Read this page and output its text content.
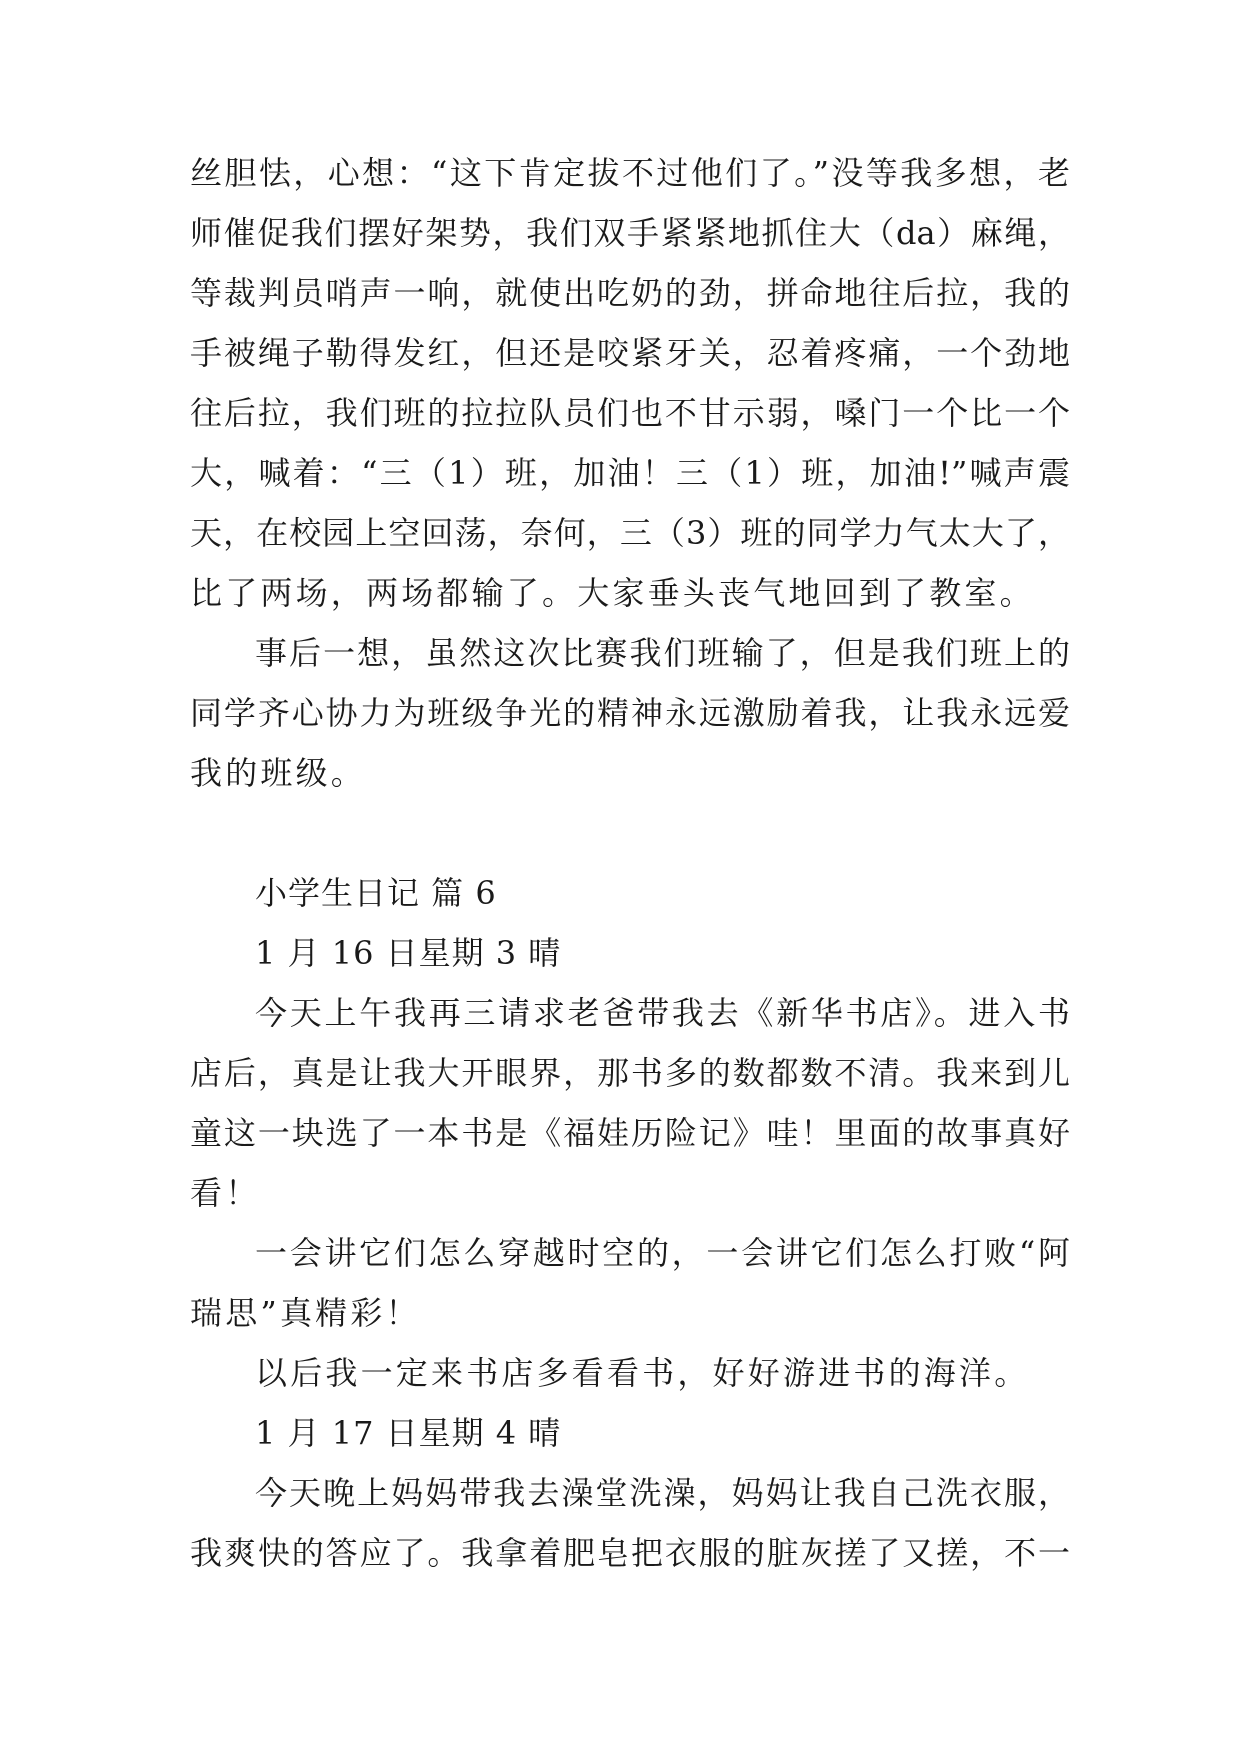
丝胆怯，心想：“这下肯定拔不过他们了。”没等我多想，老
师催促我们摆好架势，我们双手紧紧地抓住大（da）麻绳，
等裁判员哨声一响，就使出吃奶的劲，拼命地往后拉，我的
手被绳子勒得发红，但还是咬紧牙关，忍着疼痛，一个劲地
往后拉，我们班的拉拉队员们也不甘示弱，嗓门一个比一个
大，喊着：“三（1）班，加油！三（1）班，加油!”喊声震
天，在校园上空回荡，奈何，三（3）班的同学力气太大了，
比了两场，两场都输了。大家垂头丧气地回到了教室。
事后一想，虽然这次比赛我们班输了，但是我们班上的
同学齐心协力为班级争光的精神永远激励着我，让我永远爱
我的班级。
小学生日记 篇 6
1 月 16 日星期 3 晴
今天上午我再三请求老爸带我去《新华书店》。进入书
店后，真是让我大开眼界，那书多的数都数不清。我来到儿
童这一块选了一本书是《福娃历险记》哇！里面的故事真好
看！
一会讲它们怎么穿越时空的，一会讲它们怎么打败“阿
瑞思”真精彩！
以后我一定来书店多看看书，好好游进书的海洋。
1 月 17 日星期 4 晴
今天晚上妈妈带我去澡堂洗澡，妈妈让我自己洗衣服，
我爽快的答应了。我拿着肥皂把衣服的脏灰搓了又搓，不一
